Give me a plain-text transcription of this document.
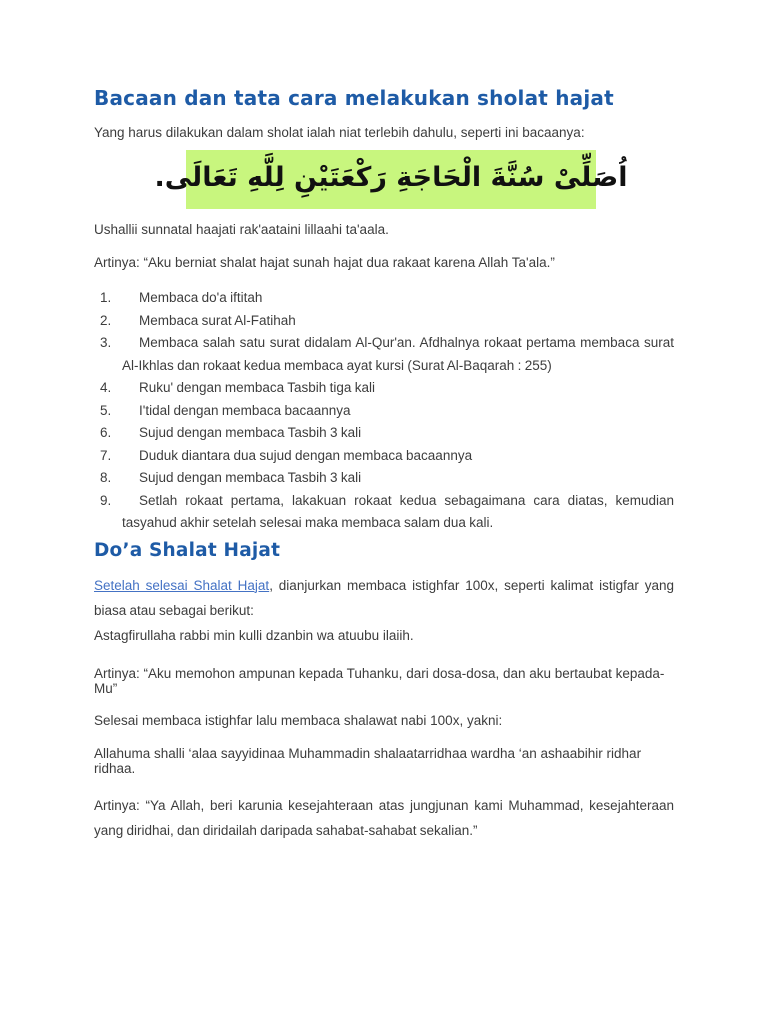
Bacaan dan tata cara melakukan sholat hajat

Yang harus dilakukan dalam sholat ialah niat terlebih dahulu, seperti ini bacaanya:

اُصَلِّىْ سُنَّةَ الْحَاجَةِ رَكْعَتَيْنِ لِلَّهِ تَعَالَى.

Ushallii sunnatal haajati rak'aataini lillaahi ta'aala.

Artinya: “Aku berniat shalat hajat sunah hajat dua rakaat karena Allah Ta'ala.”

1. Membaca do'a iftitah
2. Membaca surat Al-Fatihah
3. Membaca salah satu surat didalam Al-Qur'an. Afdhalnya rokaat pertama membaca surat Al-Ikhlas dan rokaat kedua membaca ayat kursi (Surat Al-Baqarah : 255)
4. Ruku' dengan membaca Tasbih tiga kali
5. I'tidal dengan membaca bacaannya
6. Sujud dengan membaca Tasbih 3 kali
7. Duduk diantara dua sujud dengan membaca bacaannya
8. Sujud dengan membaca Tasbih 3 kali
9. Setlah rokaat pertama, lakakuan rokaat kedua sebagaimana cara diatas, kemudian tasyahud akhir setelah selesai maka membaca salam dua kali.
Do’a Shalat Hajat

Setelah selesai Shalat Hajat, dianjurkan membaca istighfar 100x, seperti kalimat istigfar yang biasa atau sebagai berikut:

Astagfirullaha rabbi min kulli dzanbin wa atuubu ilaiih.

Artinya: “Aku memohon ampunan kepada Tuhanku, dari dosa-dosa, dan aku bertaubat kepada-Mu”

Selesai membaca istighfar lalu membaca shalawat nabi 100x, yakni:

Allahuma shalli ‘alaa sayyidinaa Muhammadin shalaatarridhaa wardha ‘an ashaabihir ridhar ridhaa.

Artinya: “Ya Allah, beri karunia kesejahteraan atas jungjunan kami Muhammad, kesejahteraan yang diridhai, dan diridailah daripada sahabat-sahabat sekalian.”
